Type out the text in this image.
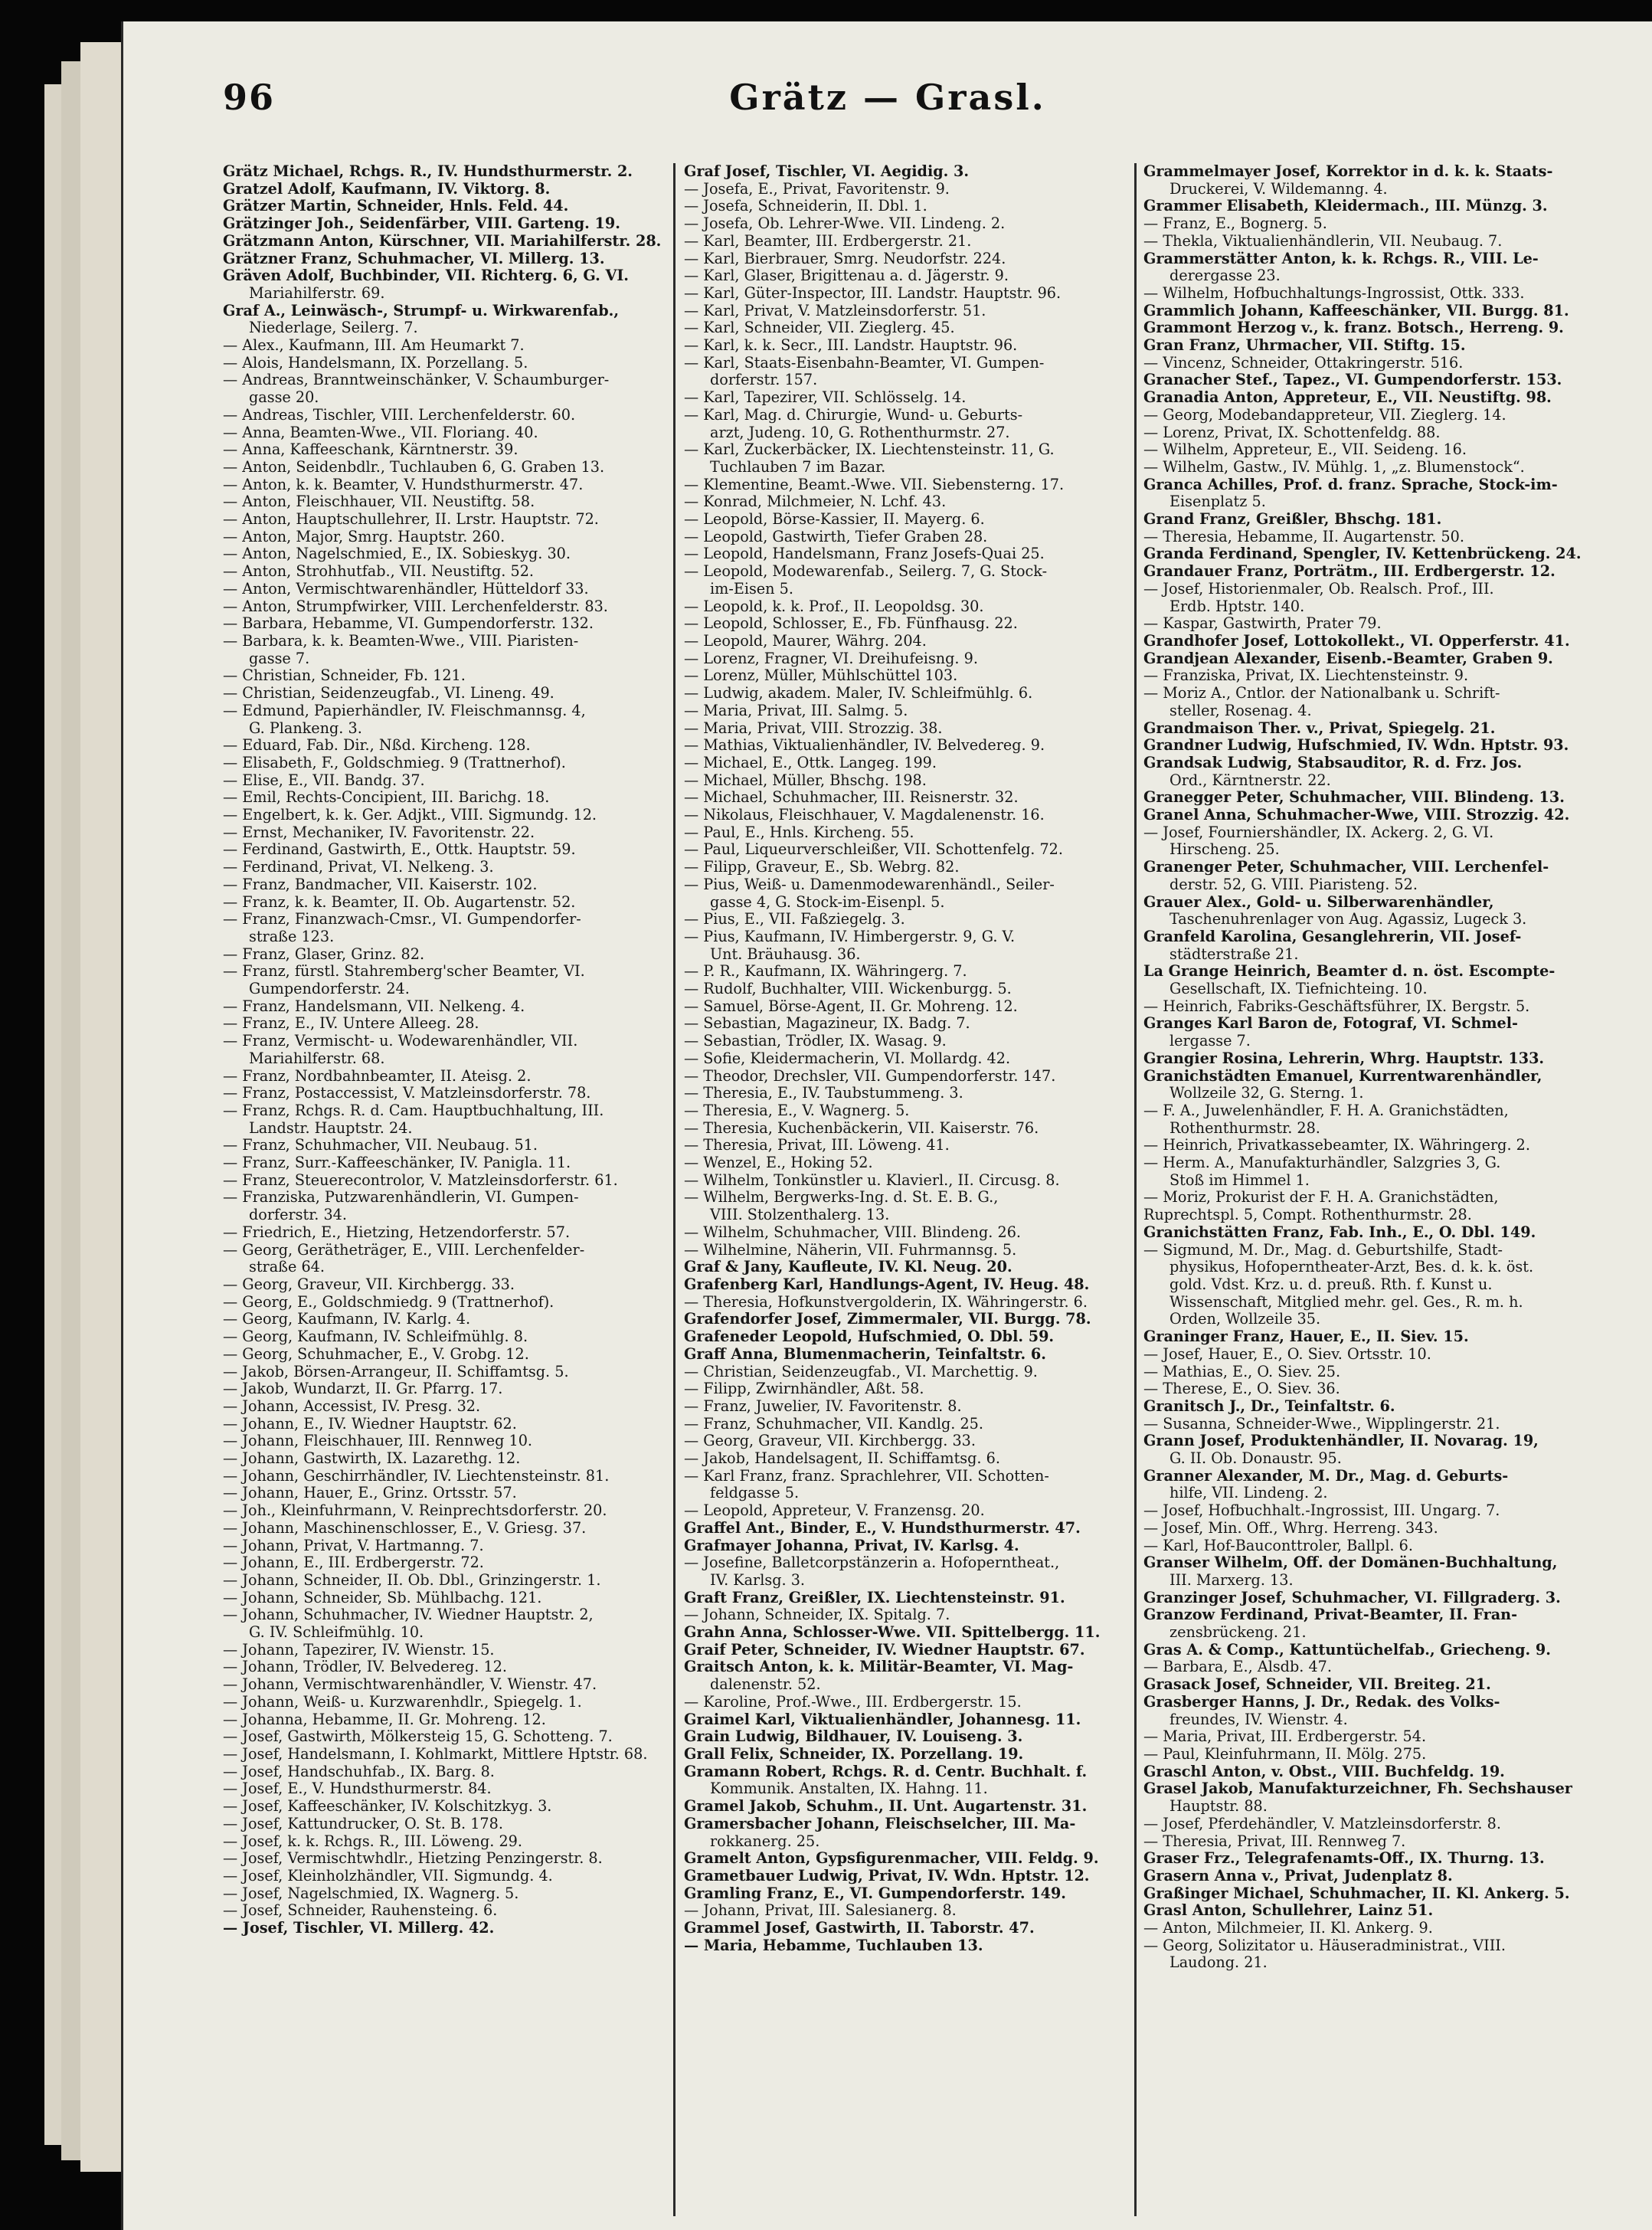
96	Grätz — Grasl.
Grätz Michael, Rchgs. R., IV. Hundsthurmerstr. 2.
Gratzel Adolf, Kaufmann, IV. Viktorg. 8.
Grätzer Martin, Schneider, Hnls. Feld. 44.
Grätzinger Joh., Seidenfärber, VIII. Garteng. 19.
Grätzmann Anton, Kürschner, VII. Mariahilferstr. 28.
Grätzner Franz, Schuhmacher, VI. Millerg. 13.
Gräven Adolf, Buchbinder, VII. Richterg. 6, G. VI.
Mariahilferstr. 69.
Graf A., Leinwäsch-, Strumpf- u. Wirkwarenfab.,
Niederlage, Seilerg. 7.
— Alex., Kaufmann, III. Am Heumarkt 7.
— Alois, Handelsmann, IX. Porzellang. 5.
— Andreas, Branntweinschänker, V. Schaumburger-
gasse 20.
— Andreas, Tischler, VIII. Lerchenfelderstr. 60.
— Anna, Beamten-Wwe., VII. Floriang. 40.
— Anna, Kaffeeschank, Kärntnerstr. 39.
— Anton, Seidenbdlr., Tuchlauben 6, G. Graben 13.
— Anton, k. k. Beamter, V. Hundsthurmerstr. 47.
— Anton, Fleischhauer, VII. Neustiftg. 58.
— Anton, Hauptschullehrer, II. Lrstr. Hauptstr. 72.
— Anton, Major, Smrg. Hauptstr. 260.
— Anton, Nagelschmied, E., IX. Sobieskyg. 30.
— Anton, Strohhutfab., VII. Neustiftg. 52.
— Anton, Vermischtwarenhändler, Hütteldorf 33.
— Anton, Strumpfwirker, VIII. Lerchenfelderstr. 83.
— Barbara, Hebamme, VI. Gumpendorferstr. 132.
— Barbara, k. k. Beamten-Wwe., VIII. Piaristen-
gasse 7.
— Christian, Schneider, Fb. 121.
— Christian, Seidenzeugfab., VI. Lineng. 49.
— Edmund, Papierhändler, IV. Fleischmannsg. 4,
G. Plankeng. 3.
— Eduard, Fab. Dir., Nßd. Kircheng. 128.
— Elisabeth, F., Goldschmieg. 9 (Trattnerhof).
— Elise, E., VII. Bandg. 37.
— Emil, Rechts-Concipient, III. Barichg. 18.
— Engelbert, k. k. Ger. Adjkt., VIII. Sigmundg. 12.
— Ernst, Mechaniker, IV. Favoritenstr. 22.
— Ferdinand, Gastwirth, E., Ottk. Hauptstr. 59.
— Ferdinand, Privat, VI. Nelkeng. 3.
— Franz, Bandmacher, VII. Kaiserstr. 102.
— Franz, k. k. Beamter, II. Ob. Augartenstr. 52.
— Franz, Finanzwach-Cmsr., VI. Gumpendorfer-
straße 123.
— Franz, Glaser, Grinz. 82.
— Franz, fürstl. Stahremberg'scher Beamter, VI.
Gumpendorferstr. 24.
— Franz, Handelsmann, VII. Nelkeng. 4.
— Franz, E., IV. Untere Alleeg. 28.
— Franz, Vermischt- u. Wodewarenhändler, VII.
Mariahilferstr. 68.
— Franz, Nordbahnbeamter, II. Ateisg. 2.
— Franz, Postaccessist, V. Matzleinsdorferstr. 78.
— Franz, Rchgs. R. d. Cam. Hauptbuchhaltung, III.
Landstr. Hauptstr. 24.
— Franz, Schuhmacher, VII. Neubaug. 51.
— Franz, Surr.-Kaffeeschänker, IV. Panigla. 11.
— Franz, Steuerecontrolor, V. Matzleinsdorferstr. 61.
— Franziska, Putzwarenhändlerin, VI. Gumpen-
dorferstr. 34.
— Friedrich, E., Hietzing, Hetzendorferstr. 57.
— Georg, Gerätheträger, E., VIII. Lerchenfelder-
straße 64.
— Georg, Graveur, VII. Kirchbergg. 33.
— Georg, E., Goldschmiedg. 9 (Trattnerhof).
— Georg, Kaufmann, IV. Karlg. 4.
— Georg, Kaufmann, IV. Schleifmühlg. 8.
— Georg, Schuhmacher, E., V. Grobg. 12.
— Jakob, Börsen-Arrangeur, II. Schiffamtsg. 5.
— Jakob, Wundarzt, II. Gr. Pfarrg. 17.
— Johann, Accessist, IV. Presg. 32.
— Johann, E., IV. Wiedner Hauptstr. 62.
— Johann, Fleischhauer, III. Rennweg 10.
— Johann, Gastwirth, IX. Lazarethg. 12.
— Johann, Geschirrhändler, IV. Liechtensteinstr. 81.
— Johann, Hauer, E., Grinz. Ortsstr. 57.
— Joh., Kleinfuhrmann, V. Reinprechtsdorferstr. 20.
— Johann, Maschinenschlosser, E., V. Griesg. 37.
— Johann, Privat, V. Hartmanng. 7.
— Johann, E., III. Erdbergerstr. 72.
— Johann, Schneider, II. Ob. Dbl., Grinzingerstr. 1.
— Johann, Schneider, Sb. Mühlbachg. 121.
— Johann, Schuhmacher, IV. Wiedner Hauptstr. 2,
G. IV. Schleifmühlg. 10.
— Johann, Tapezirer, IV. Wienstr. 15.
— Johann, Trödler, IV. Belvedereg. 12.
— Johann, Vermischtwarenhändler, V. Wienstr. 47.
— Johann, Weiß- u. Kurzwarenhdlr., Spiegelg. 1.
— Johanna, Hebamme, II. Gr. Mohreng. 12.
— Josef, Gastwirth, Mölkersteig 15, G. Schotteng. 7.
— Josef, Handelsmann, I. Kohlmarkt, Mittlere Hptstr. 68.
— Josef, Handschuhfab., IX. Barg. 8.
— Josef, E., V. Hundsthurmerstr. 84.
— Josef, Kaffeeschänker, IV. Kolschitzkyg. 3.
— Josef, Kattundrucker, O. St. B. 178.
— Josef, k. k. Rchgs. R., III. Löweng. 29.
— Josef, Vermischtwhdlr., Hietzing Penzingerstr. 8.
— Josef, Kleinholzhändler, VII. Sigmundg. 4.
— Josef, Nagelschmied, IX. Wagnerg. 5.
— Josef, Schneider, Rauhensteing. 6.
— Josef, Tischler, VI. Millerg. 42.
Graf Josef, Tischler, VI. Aegidig. 3.
— Josefa, E., Privat, Favoritenstr. 9.
— Josefa, Schneiderin, II. Dbl. 1.
— Josefa, Ob. Lehrer-Wwe. VII. Lindeng. 2.
— Karl, Beamter, III. Erdbergerstr. 21.
— Karl, Bierbrauer, Smrg. Neudorfstr. 224.
— Karl, Glaser, Brigittenau a. d. Jägerstr. 9.
— Karl, Güter-Inspector, III. Landstr. Hauptstr. 96.
— Karl, Privat, V. Matzleinsdorferstr. 51.
— Karl, Schneider, VII. Zieglerg. 45.
— Karl, k. k. Secr., III. Landstr. Hauptstr. 96.
— Karl, Staats-Eisenbahn-Beamter, VI. Gumpen-
dorferstr. 157.
— Karl, Tapezirer, VII. Schlösselg. 14.
— Karl, Mag. d. Chirurgie, Wund- u. Geburts-
arzt, Judeng. 10, G. Rothenthurmstr. 27.
— Karl, Zuckerbäcker, IX. Liechtensteinstr. 11, G.
Tuchlauben 7 im Bazar.
— Klementine, Beamt.-Wwe. VII. Siebensterng. 17.
— Konrad, Milchmeier, N. Lchf. 43.
— Leopold, Börse-Kassier, II. Mayerg. 6.
— Leopold, Gastwirth, Tiefer Graben 28.
— Leopold, Handelsmann, Franz Josefs-Quai 25.
— Leopold, Modewarenfab., Seilerg. 7, G. Stock-
im-Eisen 5.
— Leopold, k. k. Prof., II. Leopoldsg. 30.
— Leopold, Schlosser, E., Fb. Fünfhausg. 22.
— Leopold, Maurer, Währg. 204.
— Lorenz, Fragner, VI. Dreihufeisng. 9.
— Lorenz, Müller, Mühlschüttel 103.
— Ludwig, akadem. Maler, IV. Schleifmühlg. 6.
— Maria, Privat, III. Salmg. 5.
— Maria, Privat, VIII. Strozzig. 38.
— Mathias, Viktualienhändler, IV. Belvedereg. 9.
— Michael, E., Ottk. Langeg. 199.
— Michael, Müller, Bhschg. 198.
— Michael, Schuhmacher, III. Reisnerstr. 32.
— Nikolaus, Fleischhauer, V. Magdalenenstr. 16.
— Paul, E., Hnls. Kircheng. 55.
— Paul, Liqueurverschleißer, VII. Schottenfelg. 72.
— Filipp, Graveur, E., Sb. Webrg. 82.
— Pius, Weiß- u. Damenmodewarenhändl., Seiler-
gasse 4, G. Stock-im-Eisenpl. 5.
— Pius, E., VII. Faßziegelg. 3.
— Pius, Kaufmann, IV. Himbergerstr. 9, G. V.
Unt. Bräuhausg. 36.
— P. R., Kaufmann, IX. Währingerg. 7.
— Rudolf, Buchhalter, VIII. Wickenburgg. 5.
— Samuel, Börse-Agent, II. Gr. Mohreng. 12.
— Sebastian, Magazineur, IX. Badg. 7.
— Sebastian, Trödler, IX. Wasag. 9.
— Sofie, Kleidermacherin, VI. Mollardg. 42.
— Theodor, Drechsler, VII. Gumpendorferstr. 147.
— Theresia, E., IV. Taubstummeng. 3.
— Theresia, E., V. Wagnerg. 5.
— Theresia, Kuchenbäckerin, VII. Kaiserstr. 76.
— Theresia, Privat, III. Löweng. 41.
— Wenzel, E., Hoking 52.
— Wilhelm, Tonkünstler u. Klavierl., II. Circusg. 8.
— Wilhelm, Bergwerks-Ing. d. St. E. B. G.,
VIII. Stolzenthalerg. 13.
— Wilhelm, Schuhmacher, VIII. Blindeng. 26.
— Wilhelmine, Näherin, VII. Fuhrmannsg. 5.
Graf & Jany, Kaufleute, IV. Kl. Neug. 20.
Grafenberg Karl, Handlungs-Agent, IV. Heug. 48.
— Theresia, Hofkunstvergolderin, IX. Währingerstr. 6.
Grafendorfer Josef, Zimmermaler, VII. Burgg. 78.
Grafeneder Leopold, Hufschmied, O. Dbl. 59.
Graff Anna, Blumenmacherin, Teinfaltstr. 6.
— Christian, Seidenzeugfab., VI. Marchettig. 9.
— Filipp, Zwirnhändler, Aßt. 58.
— Franz, Juwelier, IV. Favoritenstr. 8.
— Franz, Schuhmacher, VII. Kandlg. 25.
— Georg, Graveur, VII. Kirchbergg. 33.
— Jakob, Handelsagent, II. Schiffamtsg. 6.
— Karl Franz, franz. Sprachlehrer, VII. Schotten-
feldgasse 5.
— Leopold, Appreteur, V. Franzensg. 20.
Graffel Ant., Binder, E., V. Hundsthurmerstr. 47.
Grafmayer Johanna, Privat, IV. Karlsg. 4.
— Josefine, Balletcorpstänzerin a. Hofoperntheat.,
IV. Karlsg. 3.
Graft Franz, Greißler, IX. Liechtensteinstr. 91.
— Johann, Schneider, IX. Spitalg. 7.
Grahn Anna, Schlosser-Wwe. VII. Spittelbergg. 11.
Graif Peter, Schneider, IV. Wiedner Hauptstr. 67.
Graitsch Anton, k. k. Militär-Beamter, VI. Mag-
dalenenstr. 52.
— Karoline, Prof.-Wwe., III. Erdbergerstr. 15.
Graimel Karl, Viktualienhändler, Johannesg. 11.
Grain Ludwig, Bildhauer, IV. Louiseng. 3.
Grall Felix, Schneider, IX. Porzellang. 19.
Gramann Robert, Rchgs. R. d. Centr. Buchhalt. f.
Kommunik. Anstalten, IX. Hahng. 11.
Gramel Jakob, Schuhm., II. Unt. Augartenstr. 31.
Gramersbacher Johann, Fleischselcher, III. Ma-
rokkanerg. 25.
Gramelt Anton, Gypsfigurenmacher, VIII. Feldg. 9.
Grametbauer Ludwig, Privat, IV. Wdn. Hptstr. 12.
Gramling Franz, E., VI. Gumpendorferstr. 149.
— Johann, Privat, III. Salesianerg. 8.
Grammel Josef, Gastwirth, II. Taborstr. 47.
— Maria, Hebamme, Tuchlauben 13.
Grammelmayer Josef, Korrektor in d. k. k. Staats-
Druckerei, V. Wildemanng. 4.
Grammer Elisabeth, Kleidermach., III. Münzg. 3.
— Franz, E., Bognerg. 5.
— Thekla, Viktualienhändlerin, VII. Neubaug. 7.
Grammerstätter Anton, k. k. Rchgs. R., VIII. Le-
derergasse 23.
— Wilhelm, Hofbuchhaltungs-Ingrossist, Ottk. 333.
Grammlich Johann, Kaffeeschänker, VII. Burgg. 81.
Grammont Herzog v., k. franz. Botsch., Herreng. 9.
Gran Franz, Uhrmacher, VII. Stiftg. 15.
— Vincenz, Schneider, Ottakringerstr. 516.
Granacher Stef., Tapez., VI. Gumpendorferstr. 153.
Granadia Anton, Appreteur, E., VII. Neustiftg. 98.
— Georg, Modebandappreteur, VII. Zieglerg. 14.
— Lorenz, Privat, IX. Schottenfeldg. 88.
— Wilhelm, Appreteur, E., VII. Seideng. 16.
— Wilhelm, Gastw., IV. Mühlg. 1, „z. Blumenstock“.
Granca Achilles, Prof. d. franz. Sprache, Stock-im-
Eisenplatz 5.
Grand Franz, Greißler, Bhschg. 181.
— Theresia, Hebamme, II. Augartenstr. 50.
Granda Ferdinand, Spengler, IV. Kettenbrückeng. 24.
Grandauer Franz, Porträtm., III. Erdbergerstr. 12.
— Josef, Historienmaler, Ob. Realsch. Prof., III.
Erdb. Hptstr. 140.
— Kaspar, Gastwirth, Prater 79.
Grandhofer Josef, Lottokollekt., VI. Opperferstr. 41.
Grandjean Alexander, Eisenb.-Beamter, Graben 9.
— Franziska, Privat, IX. Liechtensteinstr. 9.
— Moriz A., Cntlor. der Nationalbank u. Schrift-
steller, Rosenag. 4.
Grandmaison Ther. v., Privat, Spiegelg. 21.
Grandner Ludwig, Hufschmied, IV. Wdn. Hptstr. 93.
Grandsak Ludwig, Stabsauditor, R. d. Frz. Jos.
Ord., Kärntnerstr. 22.
Granegger Peter, Schuhmacher, VIII. Blindeng. 13.
Granel Anna, Schuhmacher-Wwe, VIII. Strozzig. 42.
— Josef, Fourniershändler, IX. Ackerg. 2, G. VI.
Hirscheng. 25.
Granenger Peter, Schuhmacher, VIII. Lerchenfel-
derstr. 52, G. VIII. Piaristeng. 52.
Grauer Alex., Gold- u. Silberwarenhändler,
Taschenuhrenlager von Aug. Agassiz, Lugeck 3.
Granfeld Karolina, Gesanglehrerin, VII. Josef-
städterstraße 21.
La Grange Heinrich, Beamter d. n. öst. Escompte-
Gesellschaft, IX. Tiefnichteing. 10.
— Heinrich, Fabriks-Geschäftsführer, IX. Bergstr. 5.
Granges Karl Baron de, Fotograf, VI. Schmel-
lergasse 7.
Grangier Rosina, Lehrerin, Whrg. Hauptstr. 133.
Granichstädten Emanuel, Kurrentwarenhändler,
Wollzeile 32, G. Sterng. 1.
— F. A., Juwelenhändler, F. H. A. Granichstädten,
Rothenthurmstr. 28.
— Heinrich, Privatkassebeamter, IX. Währingerg. 2.
— Herm. A., Manufakturhändler, Salzgries 3, G.
Stoß im Himmel 1.
— Moriz, Prokurist der F. H. A. Granichstädten,
Ruprechtspl. 5, Compt. Rothenthurmstr. 28.
Granichstätten Franz, Fab. Inh., E., O. Dbl. 149.
— Sigmund, M. Dr., Mag. d. Geburtshilfe, Stadt-
physikus, Hofoperntheater-Arzt, Bes. d. k. k. öst.
gold. Vdst. Krz. u. d. preuß. Rth. f. Kunst u.
Wissenschaft, Mitglied mehr. gel. Ges., R. m. h.
Orden, Wollzeile 35.
Graninger Franz, Hauer, E., II. Siev. 15.
— Josef, Hauer, E., O. Siev. Ortsstr. 10.
— Mathias, E., O. Siev. 25.
— Therese, E., O. Siev. 36.
Granitsch J., Dr., Teinfaltstr. 6.
— Susanna, Schneider-Wwe., Wipplingerstr. 21.
Grann Josef, Produktenhändler, II. Novarag. 19,
G. II. Ob. Donaustr. 95.
Granner Alexander, M. Dr., Mag. d. Geburts-
hilfe, VII. Lindeng. 2.
— Josef, Hofbuchhalt.-Ingrossist, III. Ungarg. 7.
— Josef, Min. Off., Whrg. Herreng. 343.
— Karl, Hof-Bauconttroler, Ballpl. 6.
Granser Wilhelm, Off. der Domänen-Buchhaltung,
III. Marxerg. 13.
Granzinger Josef, Schuhmacher, VI. Fillgraderg. 3.
Granzow Ferdinand, Privat-Beamter, II. Fran-
zensbrückeng. 21.
Gras A. & Comp., Kattuntüchelfab., Griecheng. 9.
— Barbara, E., Alsdb. 47.
Grasack Josef, Schneider, VII. Breiteg. 21.
Grasberger Hanns, J. Dr., Redak. des Volks-
freundes, IV. Wienstr. 4.
— Maria, Privat, III. Erdbergerstr. 54.
— Paul, Kleinfuhrmann, II. Mölg. 275.
Graschl Anton, v. Obst., VIII. Buchfeldg. 19.
Grasel Jakob, Manufakturzeichner, Fh. Sechshauser
Hauptstr. 88.
— Josef, Pferdehändler, V. Matzleinsdorferstr. 8.
— Theresia, Privat, III. Rennweg 7.
Graser Frz., Telegrafenamts-Off., IX. Thurng. 13.
Grasern Anna v., Privat, Judenplatz 8.
Graßinger Michael, Schuhmacher, II. Kl. Ankerg. 5.
Grasl Anton, Schullehrer, Lainz 51.
— Anton, Milchmeier, II. Kl. Ankerg. 9.
— Georg, Solizitator u. Häuseradministrat., VIII.
Laudong. 21.
